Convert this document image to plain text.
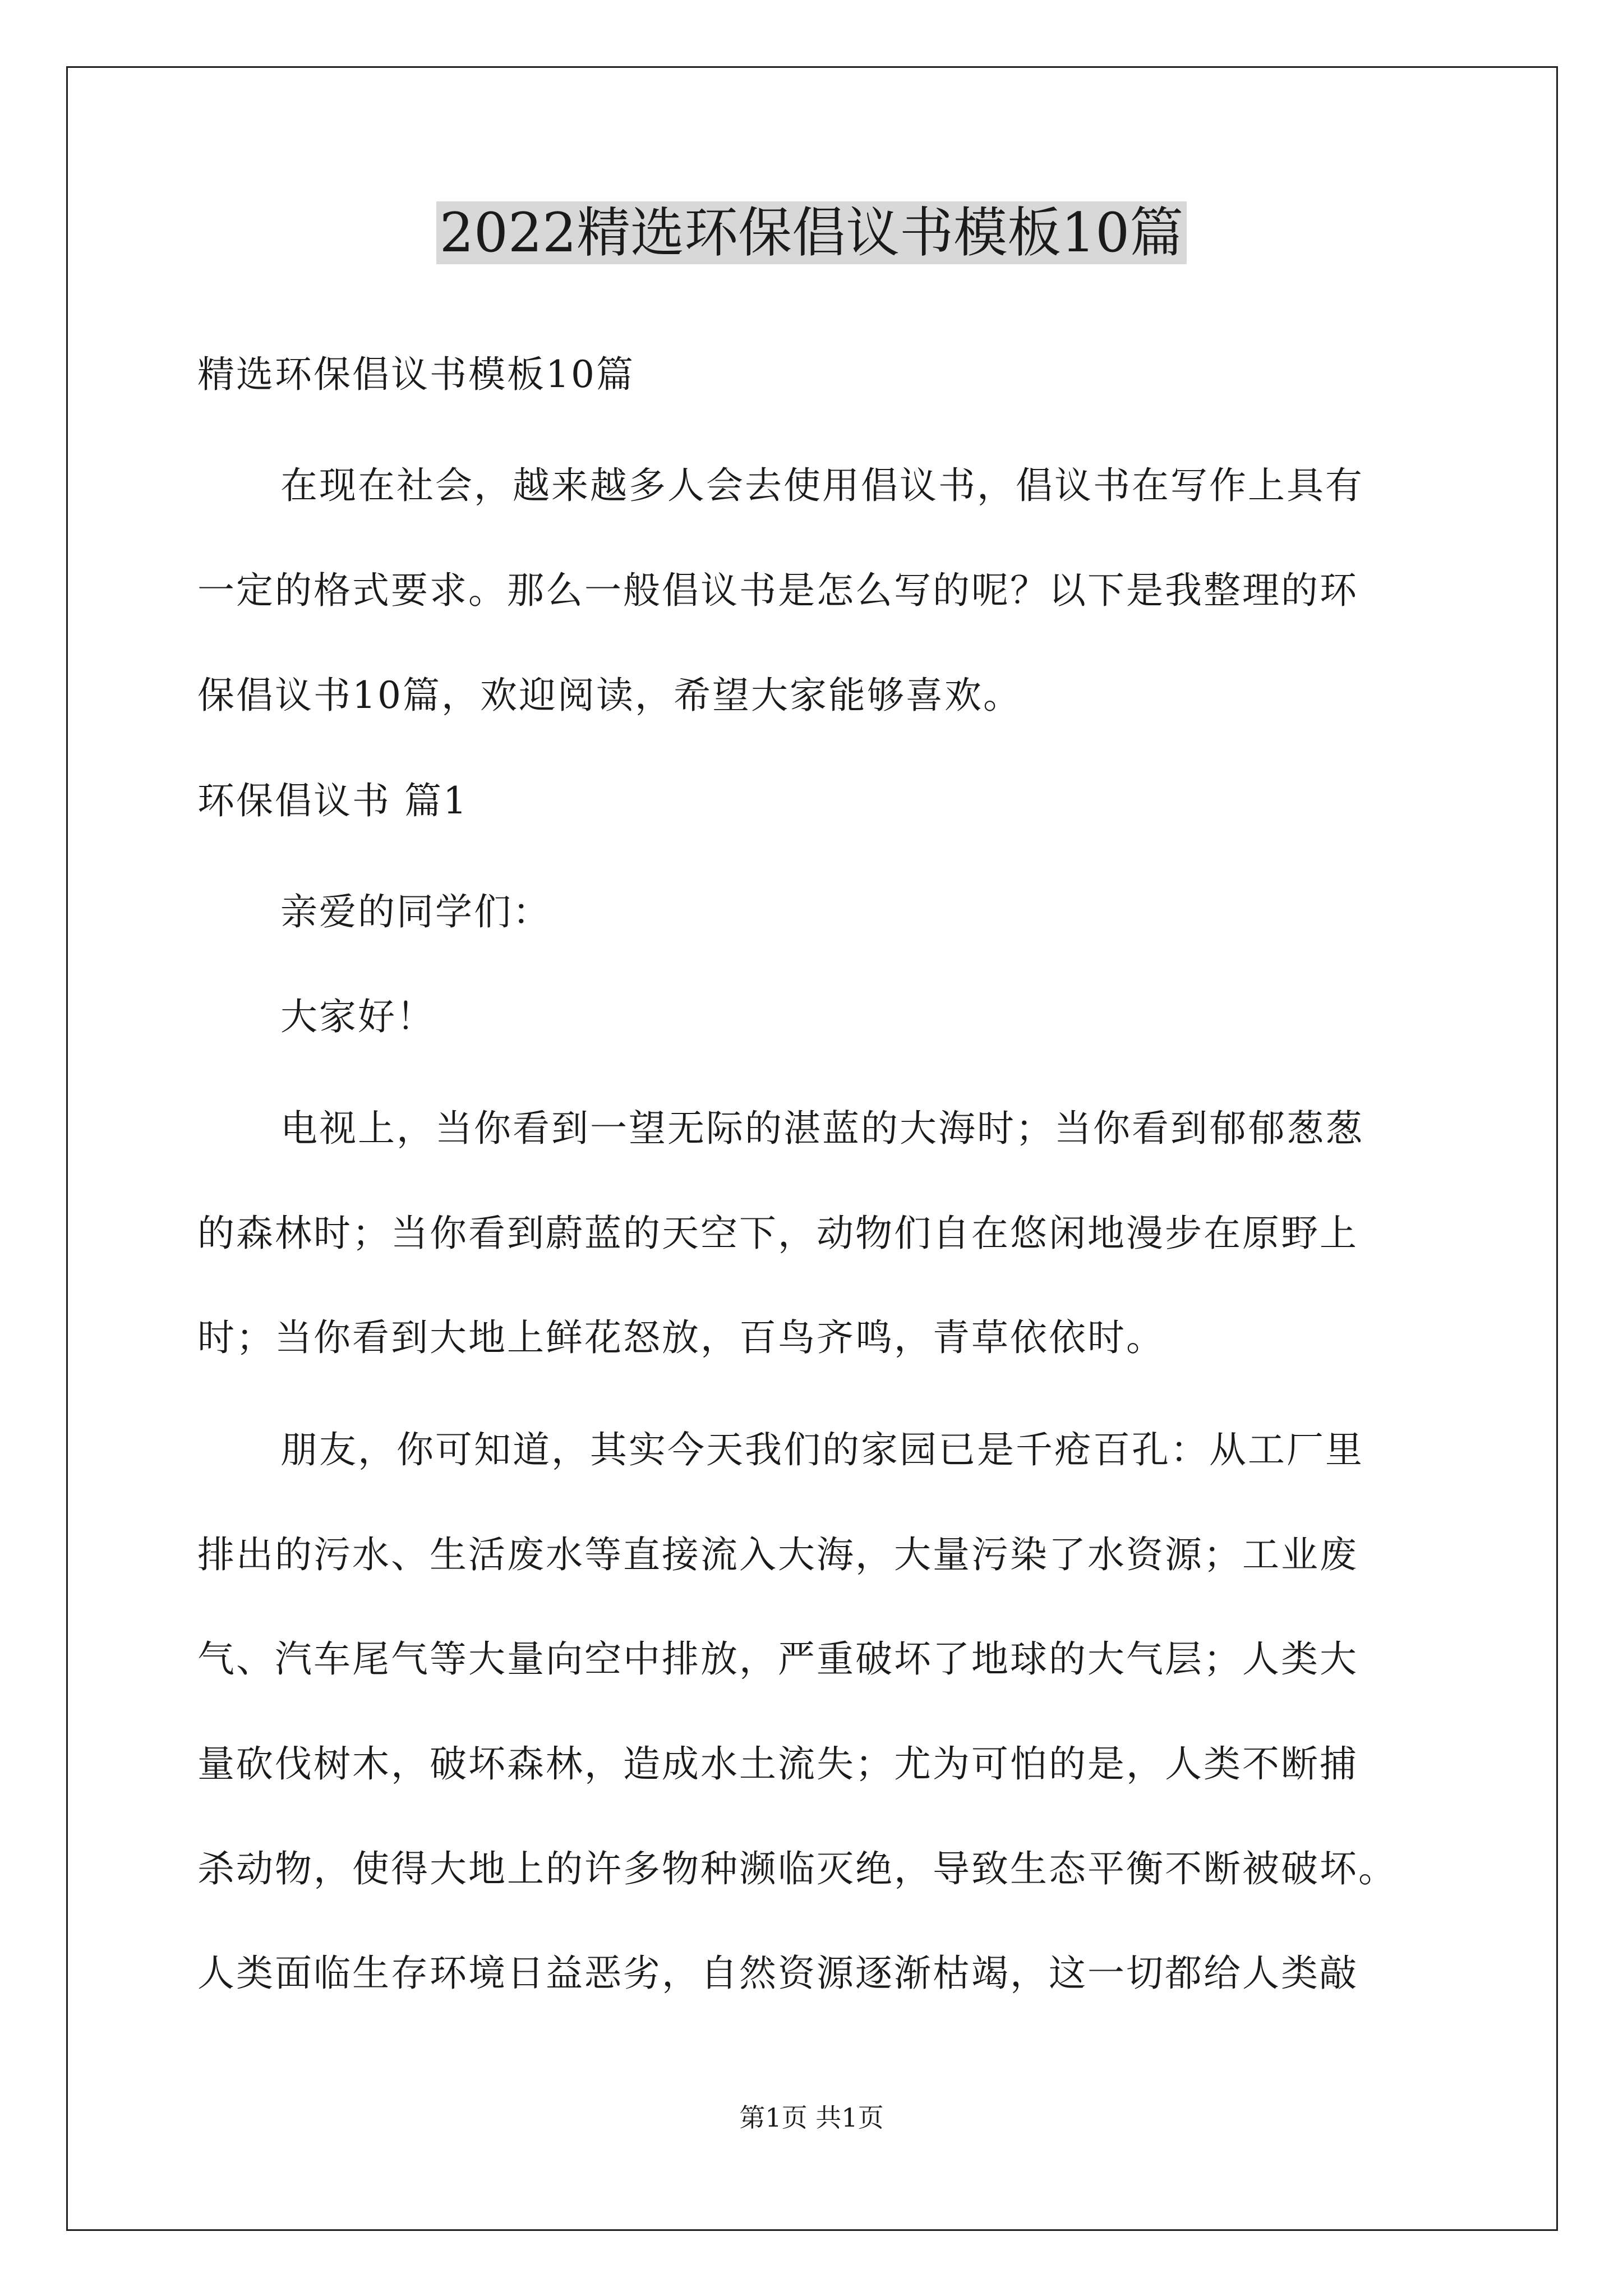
2022精选环保倡议书模板10篇
精选环保倡议书模板10篇
在现在社会，越来越多人会去使用倡议书，倡议书在写作上具有
一定的格式要求。那么一般倡议书是怎么写的呢？以下是我整理的环
保倡议书10篇，欢迎阅读，希望大家能够喜欢。
环保倡议书 篇1
亲爱的同学们：
大家好！
电视上，当你看到一望无际的湛蓝的大海时；当你看到郁郁葱葱
的森林时；当你看到蔚蓝的天空下，动物们自在悠闲地漫步在原野上
时；当你看到大地上鲜花怒放，百鸟齐鸣，青草依依时。
朋友，你可知道，其实今天我们的家园已是千疮百孔：从工厂里
排出的污水、生活废水等直接流入大海，大量污染了水资源；工业废
气、汽车尾气等大量向空中排放，严重破坏了地球的大气层；人类大
量砍伐树木，破坏森林，造成水土流失；尤为可怕的是，人类不断捕
杀动物，使得大地上的许多物种濒临灭绝，导致生态平衡不断被破坏。
人类面临生存环境日益恶劣，自然资源逐渐枯竭，这一切都给人类敲
第1页 共1页
